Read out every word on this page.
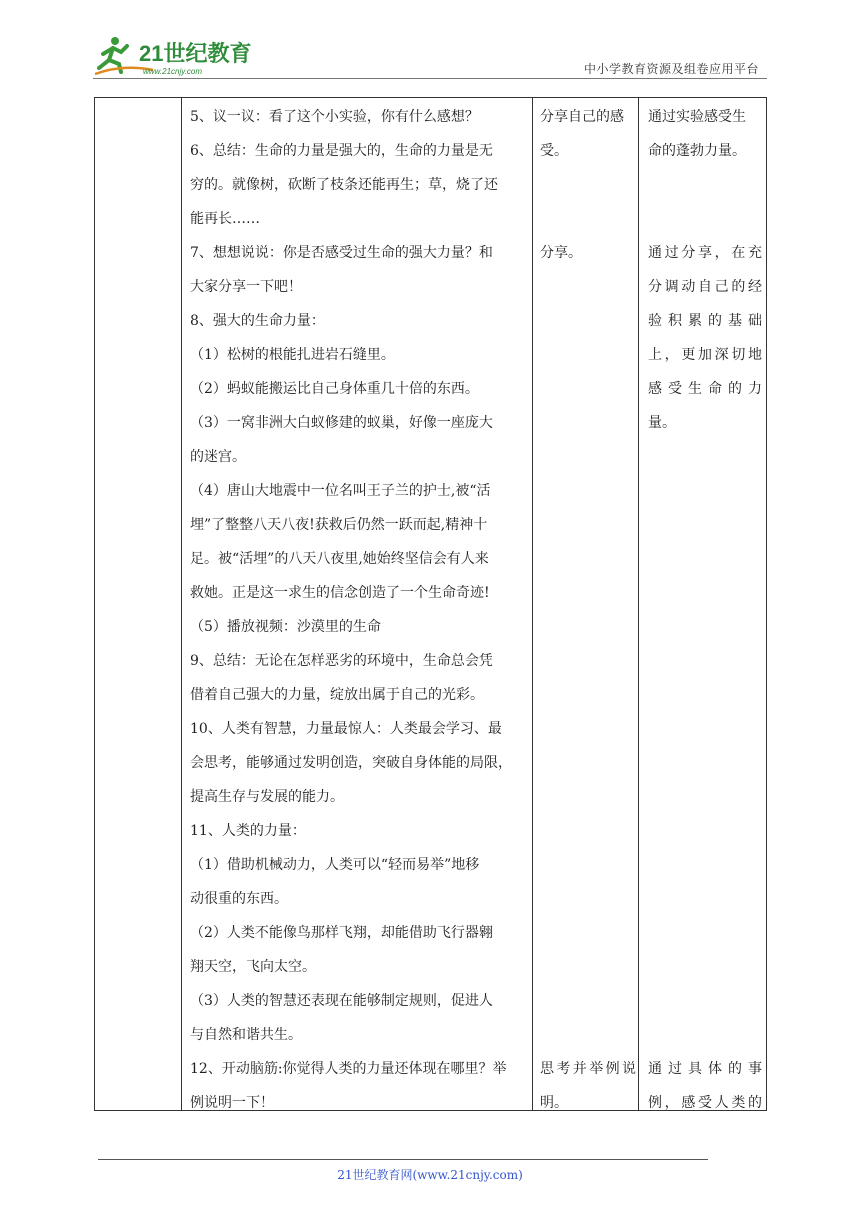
21世纪教育
www.21cnjy.com	中小学教育资源及组卷应用平台
5、议一议：看了这个小实验，你有什么感想？
6、总结：生命的力量是强大的，生命的力量是无
穷的。就像树，砍断了枝条还能再生；草，烧了还
能再长……
7、想想说说：你是否感受过生命的强大力量？和
大家分享一下吧！
8、强大的生命力量：
（1）松树的根能扎进岩石缝里。
（2）蚂蚁能搬运比自己身体重几十倍的东西。
（3）一窝非洲大白蚁修建的蚁巢，好像一座庞大
的迷宫。
（4）唐山大地震中一位名叫王子兰的护士,被“活
埋”了整整八天八夜!获救后仍然一跃而起,精神十
足。被“活埋”的八天八夜里,她始终坚信会有人来
救她。正是这一求生的信念创造了一个生命奇迹!
（5）播放视频：沙漠里的生命
9、总结：无论在怎样恶劣的环境中，生命总会凭
借着自己强大的力量，绽放出属于自己的光彩。
10、人类有智慧，力量最惊人：人类最会学习、最
会思考，能够通过发明创造，突破自身体能的局限，
提高生存与发展的能力。
11、人类的力量：
（1）借助机械动力，人类可以“轻而易举”地移
动很重的东西。
（2）人类不能像鸟那样飞翔，却能借助飞行器翱
翔天空，飞向太空。
（3）人类的智慧还表现在能够制定规则，促进人
与自然和谐共生。
12、开动脑筋:你觉得人类的力量还体现在哪里？举
例说明一下！
分享自己的感
受。
分享。
思考并举例说
明。
通过实验感受生
命的蓬勃力量。
通过分享，在充
分调动自己的经
验积累的基础
上，更加深切地
感受生命的力
量。
通过具体的事
例，感受人类的
21世纪教育网(www.21cnjy.com)
